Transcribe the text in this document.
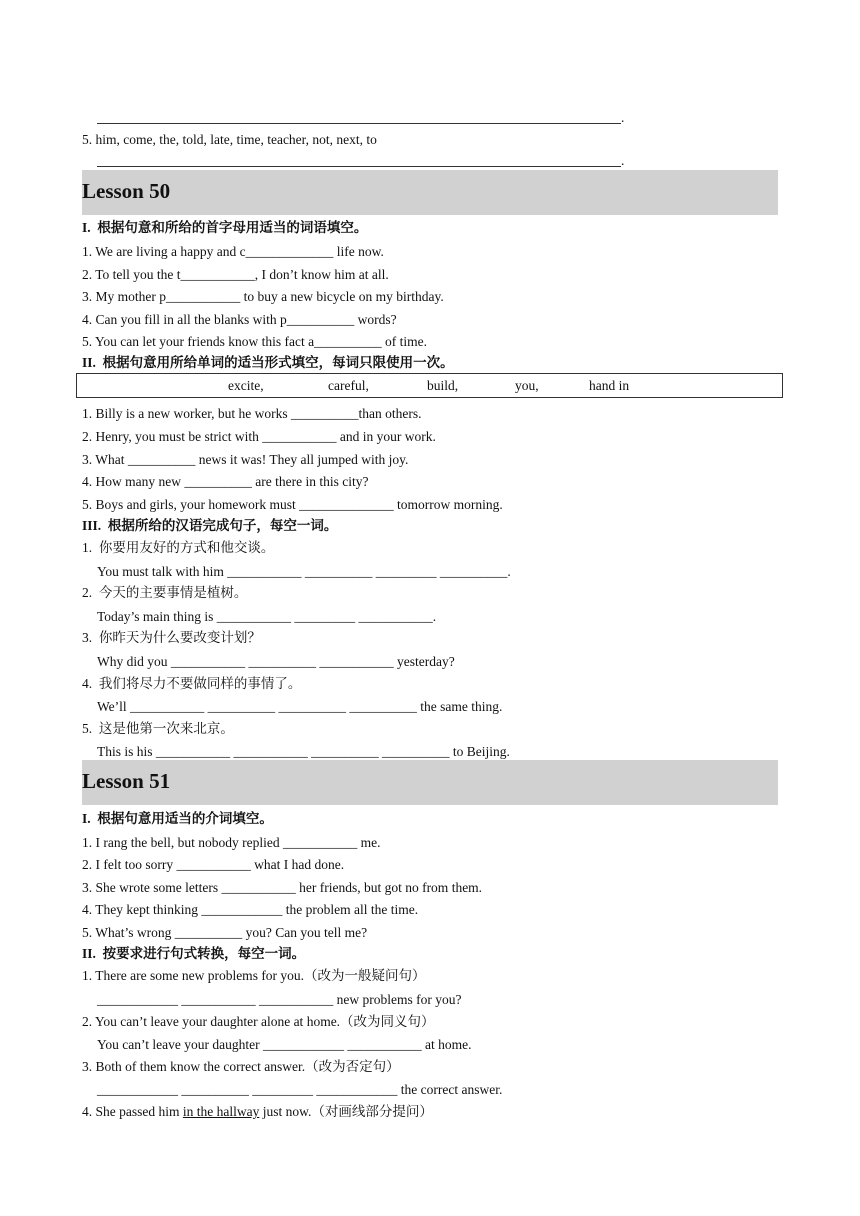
.
5. him, come, the, told, late, time, teacher, not, next, to
.
Lesson 50
I.  根据句意和所给的首字母用适当的词语填空。
1. We are living a happy and c_____________ life now.
2. To tell you the t___________, I don’t know him at all.
3. My mother p___________ to buy a new bicycle on my birthday.
4. Can you fill in all the blanks with p__________ words?
5. You can let your friends know this fact a__________ of time.
II.  根据句意用所给单词的适当形式填空，每词只限使用一次。
excite,	careful,	build,	you,	hand in
1. Billy is a new worker, but he works __________than others.
2. Henry, you must be strict with ___________ and in your work.
3. What __________ news it was! They all jumped with joy.
4. How many new __________ are there in this city?
5. Boys and girls, your homework must ______________ tomorrow morning.
III.  根据所给的汉语完成句子，每空一词。
1.  你要用友好的方式和他交谈。
You must talk with him ___________ __________ _________ __________.
2.  今天的主要事情是植树。
Today’s main thing is ___________ _________ ___________.
3.  你昨天为什么要改变计划？
Why did you ___________ __________ ___________ yesterday?
4.  我们将尽力不要做同样的事情了。
We’ll ___________ __________ __________ __________ the same thing.
5.  这是他第一次来北京。
This is his ___________ ___________ __________ __________ to Beijing.
Lesson 51
I.  根据句意用适当的介词填空。
1. I rang the bell, but nobody replied ___________ me.
2. I felt too sorry ___________ what I had done.
3. She wrote some letters ___________ her friends, but got no from them.
4. They kept thinking ____________ the problem all the time.
5. What’s wrong __________ you? Can you tell me?
II.  按要求进行句式转换，每空一词。
1. There are some new problems for you.（改为一般疑问句）
____________ ___________ ___________ new problems for you?
2. You can’t leave your daughter alone at home.（改为同义句）
You can’t leave your daughter ____________ ___________ at home.
3. Both of them know the correct answer.（改为否定句）
____________ __________ _________ ____________ the correct answer.
4. She passed him in the hallway just now.（对画线部分提问）
